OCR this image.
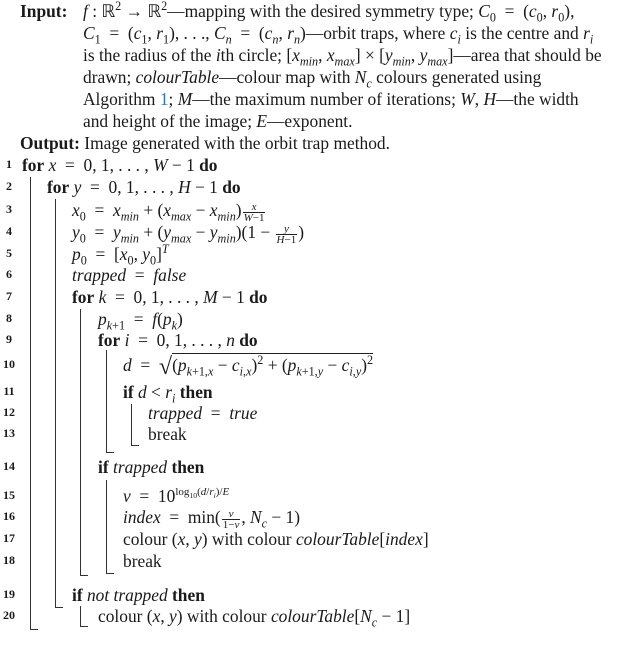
Input: f : ℝ$^2$ → ℝ$^2$—mapping with the desired symmetry type; $C_0 = (c_0$, $r_0$),
$C_1 = (c_1$, $r_1$), . . ., $C_n = (c_n$, $r_n)—orbit$ traps, where $c_i$ is the centre and $r_i$
is the radius of the ith circle; [$x_{min}$, $x_{max}] \times [y_{min}$, $y_{max}]—area$ that should be
drawn; colourTable—colour map with $N_c$ colours generated using
Algorithm 1; M—the maximum number of iterations; W, H—the width
and height of the image; E—exponent.
Output: Image generated with the orbit trap method.
1
2
3
4
5
6
7
8
9
10
11
12
13
14
15
16
17
18
19
20
for x  =  0, 1, . . . , W − 1 do
for y  =  0, 1, . . . , H − 1 do
$x_0 = x_{min} + (x_{max} - x_{min}) \frac{x}{W-1}$
$y_0 = y_{min} + (y_{max} - y_{min})(1 - \frac{y}{H-1}$ )
$p_0 = [x_0$, $y_0]^T$
trapped  =  false
for k  =  0, 1, . . . , M − 1 do
$p_{k+1} = f(p_k)$
for i  =  0, 1, . . . , n do
$d = √(p_{k+1,x} - c_{i,x})^2 + (p_{k+1,y} - c_{i,y})^2$
if $d < r_i$ then
trapped  =  true
break
if trapped then
$v = 10^{log_{10}(d/r_i)/E}$
index  =  $\min( \frac{v}{1-v}$ , $N_c - 1$)
colour (x, y) with colour colourTable[index]
break
if not trapped then
colour (x, y) with colour $colourTable[N_c - 1]$
